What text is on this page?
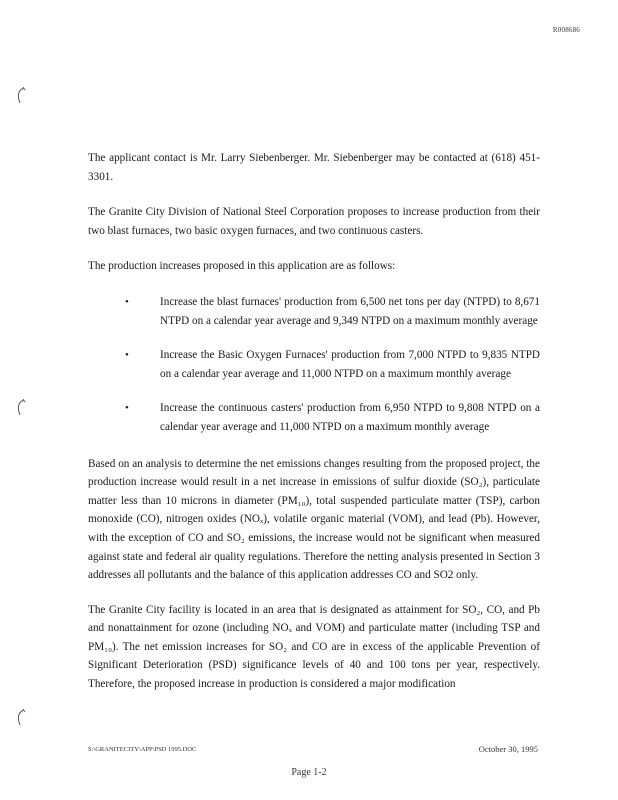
R008686

The applicant contact is Mr. Larry Siebenberger. Mr. Siebenberger may be contacted at (618) 451-3301.

The Granite City Division of National Steel Corporation proposes to increase production from their two blast furnaces, two basic oxygen furnaces, and two continuous casters.

The production increases proposed in this application are as follows:

•	Increase the blast furnaces' production from 6,500 net tons per day (NTPD) to 8,671 NTPD on a calendar year average and 9,349 NTPD on a maximum monthly average
•	Increase the Basic Oxygen Furnaces' production from 7,000 NTPD to 9,835 NTPD on a calendar year average and 11,000 NTPD on a maximum monthly average
•	Increase the continuous casters' production from 6,950 NTPD to 9,808 NTPD on a calendar year average and 11,000 NTPD on a maximum monthly average

Based on an analysis to determine the net emissions changes resulting from the proposed project, the production increase would result in a net increase in emissions of sulfur dioxide (SO₂), particulate matter less than 10 microns in diameter (PM₁₀), total suspended particulate matter (TSP), carbon monoxide (CO), nitrogen oxides (NOₓ), volatile organic material (VOM), and lead (Pb). However, with the exception of CO and SO₂ emissions, the increase would not be significant when measured against state and federal air quality regulations. Therefore the netting analysis presented in Section 3 addresses all pollutants and the balance of this application addresses CO and SO2 only.

The Granite City facility is located in an area that is designated as attainment for SO₂, CO, and Pb and nonattainment for ozone (including NOₓ and VOM) and particulate matter (including TSP and PM₁₀). The net emission increases for SO₂ and CO are in excess of the applicable Prevention of Significant Deterioration (PSD) significance levels of 40 and 100 tons per year, respectively. Therefore, the proposed increase in production is considered a major modification

S:\GRANITECITY\APP\PSD 1995.DOC	October 30, 1995
Page 1-2
